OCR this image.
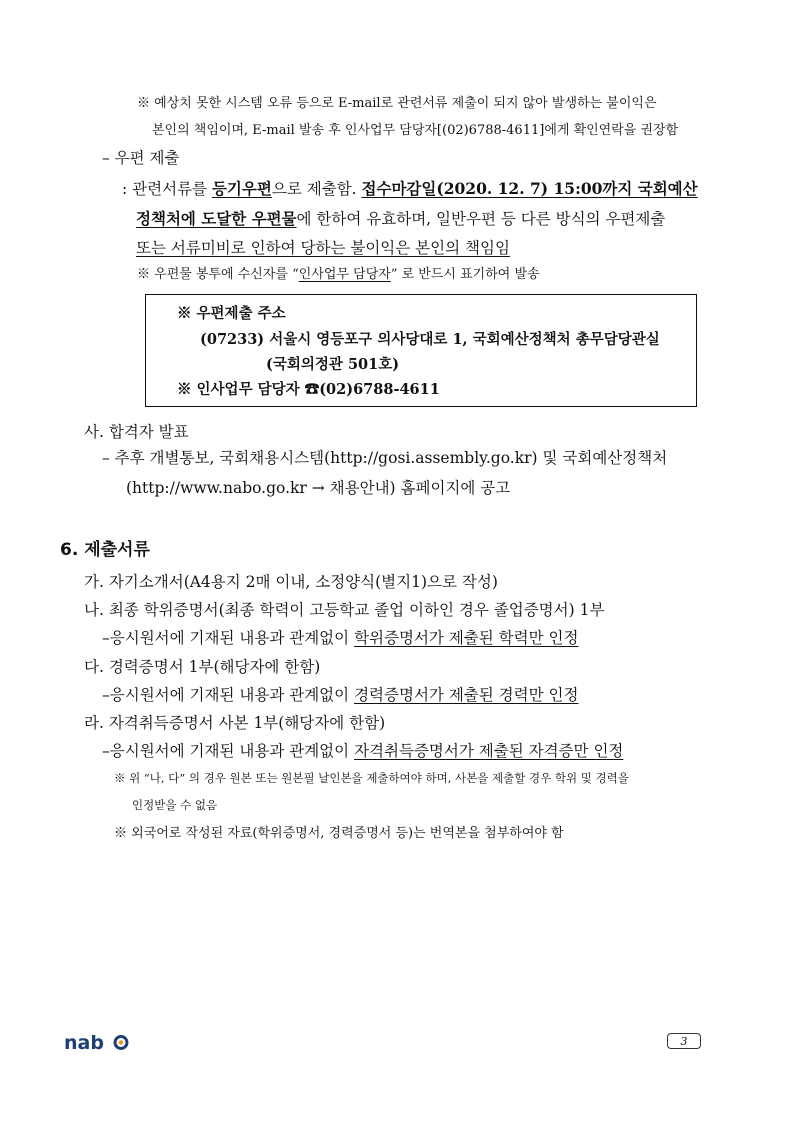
※ 예상치 못한 시스템 오류 등으로 E-mail로 관련서류 제출이 되지 않아 발생하는 불이익은
본인의 책임이며, E-mail 발송 후 인사업무 담당자[(02)6788-4611]에게 확인연락을 권장함
– 우편 제출
: 관련서류를 등기우편으로 제출함. 접수마감일(2020. 12. 7) 15:00까지 국회예산
정책처에 도달한 우편물에 한하여 유효하며, 일반우편 등 다른 방식의 우편제출
또는 서류미비로 인하여 당하는 불이익은 본인의 책임임
※ 우편물 봉투에 수신자를 “인사업무 담당자” 로 반드시 표기하여 발송
※ 우편제출 주소
(07233) 서울시 영등포구 의사당대로 1, 국회예산정책처 총무담당관실
(국회의정관 501호)
※ 인사업무 담당자 ☎(02)6788-4611
사. 합격자 발표
– 추후 개별통보, 국회채용시스템(http://gosi.assembly.go.kr) 및 국회예산정책처
(http://www.nabo.go.kr → 채용안내) 홈페이지에 공고
6. 제출서류
가. 자기소개서(A4용지 2매 이내, 소정양식(별지1)으로 작성)
나. 최종 학위증명서(최종 학력이 고등학교 졸업 이하인 경우 졸업증명서) 1부
–응시원서에 기재된 내용과 관계없이 학위증명서가 제출된 학력만 인정
다. 경력증명서 1부(해당자에 한함)
–응시원서에 기재된 내용과 관계없이 경력증명서가 제출된 경력만 인정
라. 자격취득증명서 사본 1부(해당자에 한함)
–응시원서에 기재된 내용과 관계없이 자격취득증명서가 제출된 자격증만 인정
※ 위 “나, 다” 의 경우 원본 또는 원본필 날인본을 제출하여야 하며, 사본을 제출할 경우 학위 및 경력을
인정받을 수 없음
※ 외국어로 작성된 자료(학위증명서, 경력증명서 등)는 번역본을 첨부하여야 함
nab	3
